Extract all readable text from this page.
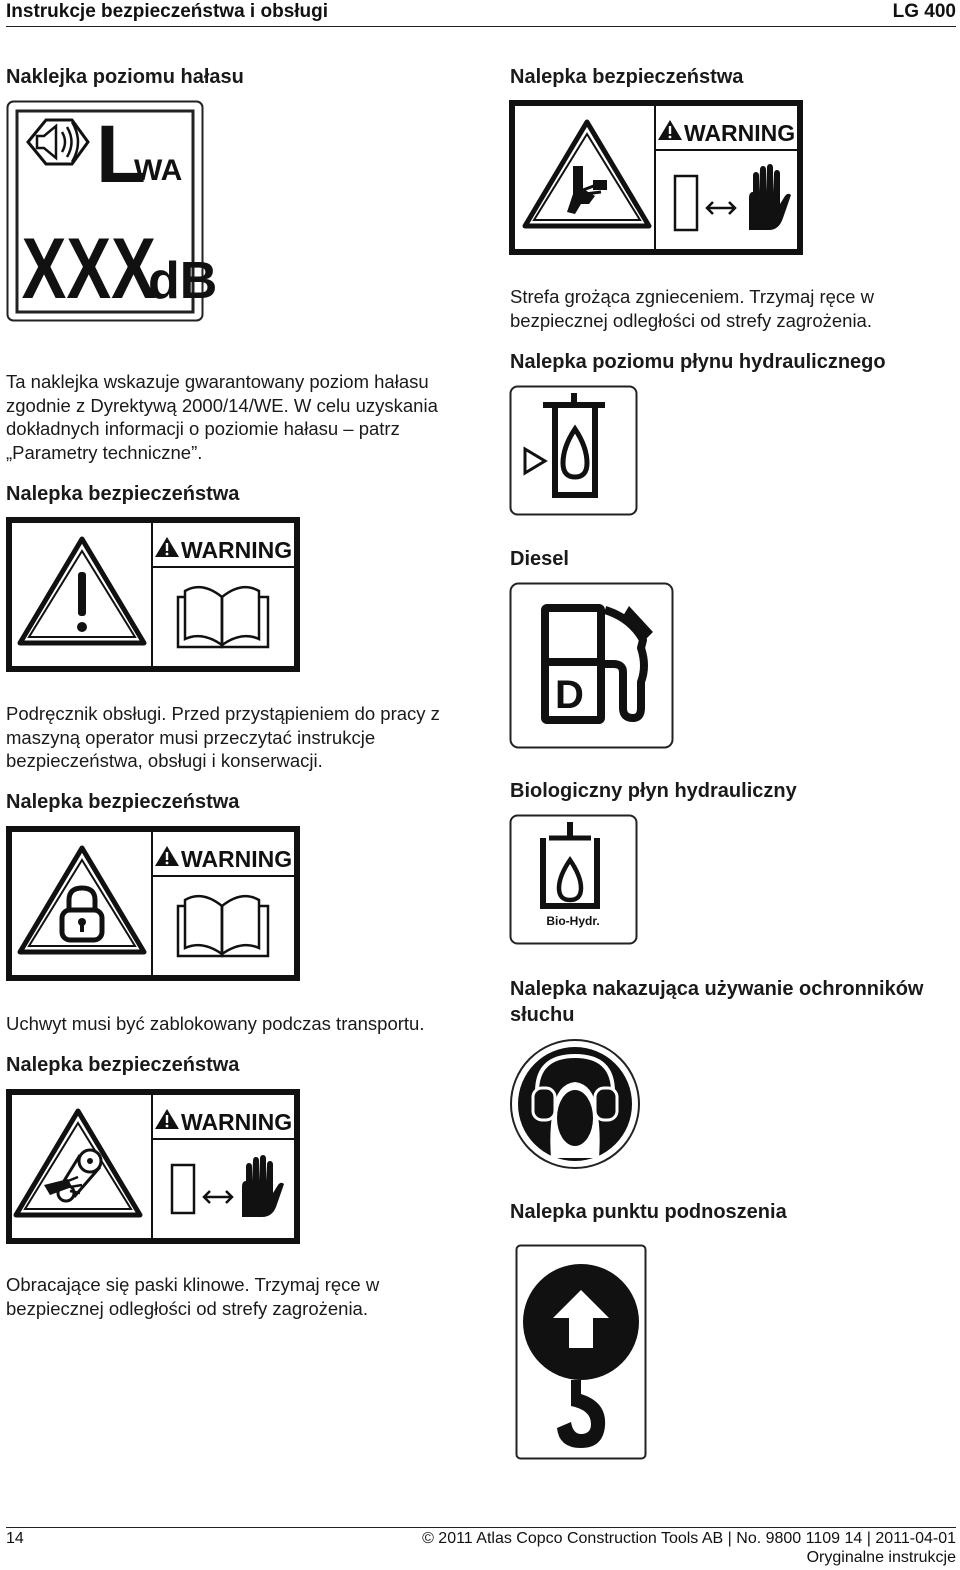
Instrukcje bezpieczeństwa i obsługi	LG 400
Naklejka poziomu hałasu
L
WA
XXX
dB
Ta naklejka wskazuje gwarantowany poziom hałasu zgodnie z Dyrektywą 2000/14/WE. W celu uzyskania dokładnych informacji o poziomie hałasu – patrz „Parametry techniczne”.
Nalepka bezpieczeństwa
WARNING
Podręcznik obsługi. Przed przystąpieniem do pracy z maszyną operator musi przeczytać instrukcje bezpieczeństwa, obsługi i konserwacji.
Nalepka bezpieczeństwa
WARNING
Uchwyt musi być zablokowany podczas transportu.
Nalepka bezpieczeństwa
WARNING
Obracające się paski klinowe. Trzymaj ręce w bezpiecznej odległości od strefy zagrożenia.
Nalepka bezpieczeństwa
WARNING
Strefa grożąca zgnieceniem. Trzymaj ręce w bezpiecznej odległości od strefy zagrożenia.
Nalepka poziomu płynu hydraulicznego
Diesel
D
Biologiczny płyn hydrauliczny
Bio-Hydr.
Nalepka nakazująca używanie ochronników słuchu
Nalepka punktu podnoszenia
14	© 2011 Atlas Copco Construction Tools AB | No. 9800 1109 14 | 2011-04-01
Oryginalne instrukcje
